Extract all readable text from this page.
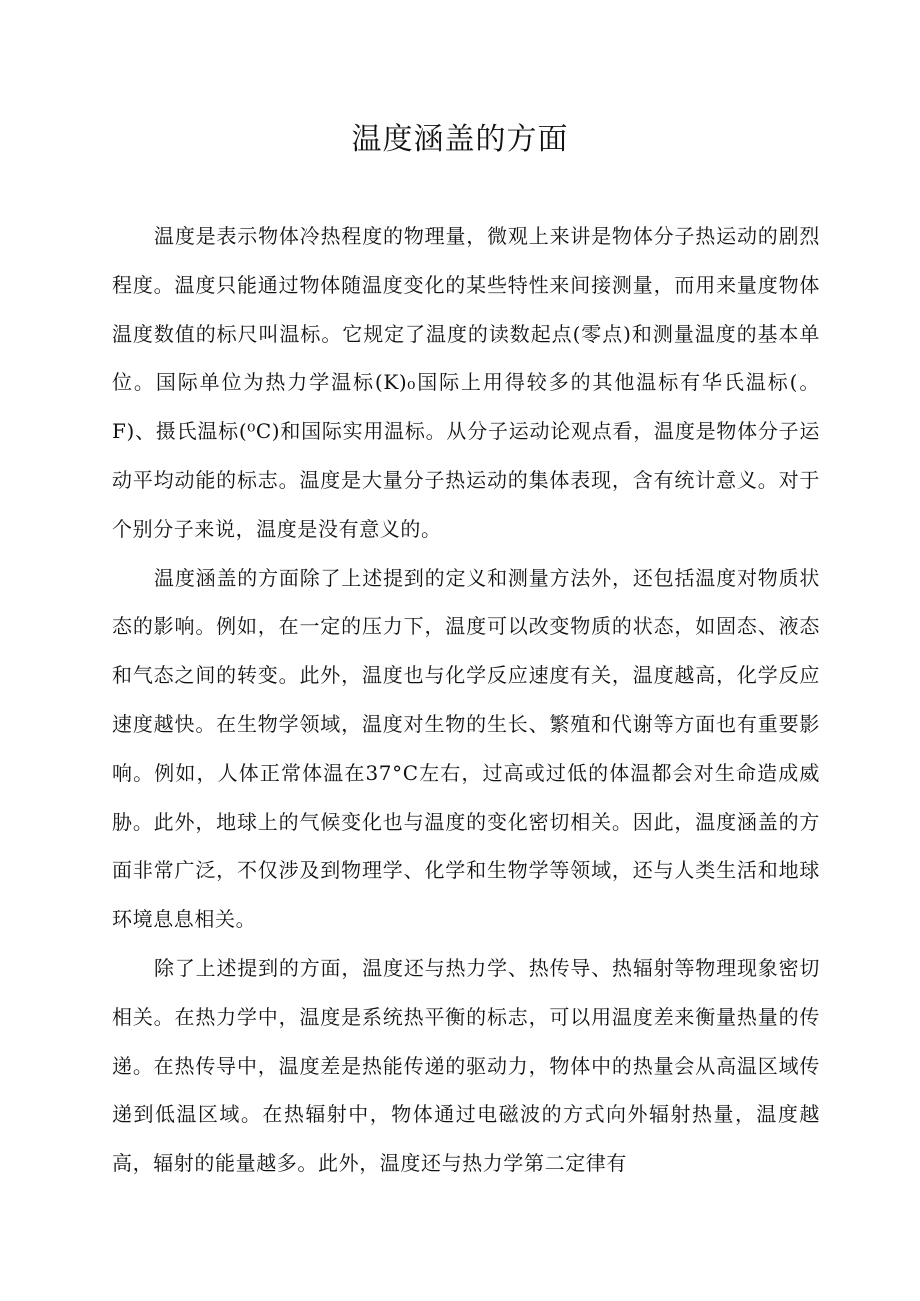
温度涵盖的方面

温度是表示物体冷热程度的物理量，微观上来讲是物体分子热运动的剧烈程度。温度只能通过物体随温度变化的某些特性来间接测量，而用来量度物体温度数值的标尺叫温标。它规定了温度的读数起点(零点)和测量温度的基本单位。国际单位为热力学温标(K)₀国际上用得较多的其他温标有华氏温标(。F)、摄氏温标(⁰C)和国际实用温标。从分子运动论观点看，温度是物体分子运动平均动能的标志。温度是大量分子热运动的集体表现，含有统计意义。对于个别分子来说，温度是没有意义的。

温度涵盖的方面除了上述提到的定义和测量方法外，还包括温度对物质状态的影响。例如，在一定的压力下，温度可以改变物质的状态，如固态、液态和气态之间的转变。此外，温度也与化学反应速度有关，温度越高，化学反应速度越快。在生物学领域，温度对生物的生长、繁殖和代谢等方面也有重要影响。例如，人体正常体温在37°C左右，过高或过低的体温都会对生命造成威胁。此外，地球上的气候变化也与温度的变化密切相关。因此，温度涵盖的方面非常广泛，不仅涉及到物理学、化学和生物学等领域，还与人类生活和地球环境息息相关。

除了上述提到的方面，温度还与热力学、热传导、热辐射等物理现象密切相关。在热力学中，温度是系统热平衡的标志，可以用温度差来衡量热量的传递。在热传导中，温度差是热能传递的驱动力，物体中的热量会从高温区域传递到低温区域。在热辐射中，物体通过电磁波的方式向外辐射热量，温度越高，辐射的能量越多。此外，温度还与热力学第二定律有
